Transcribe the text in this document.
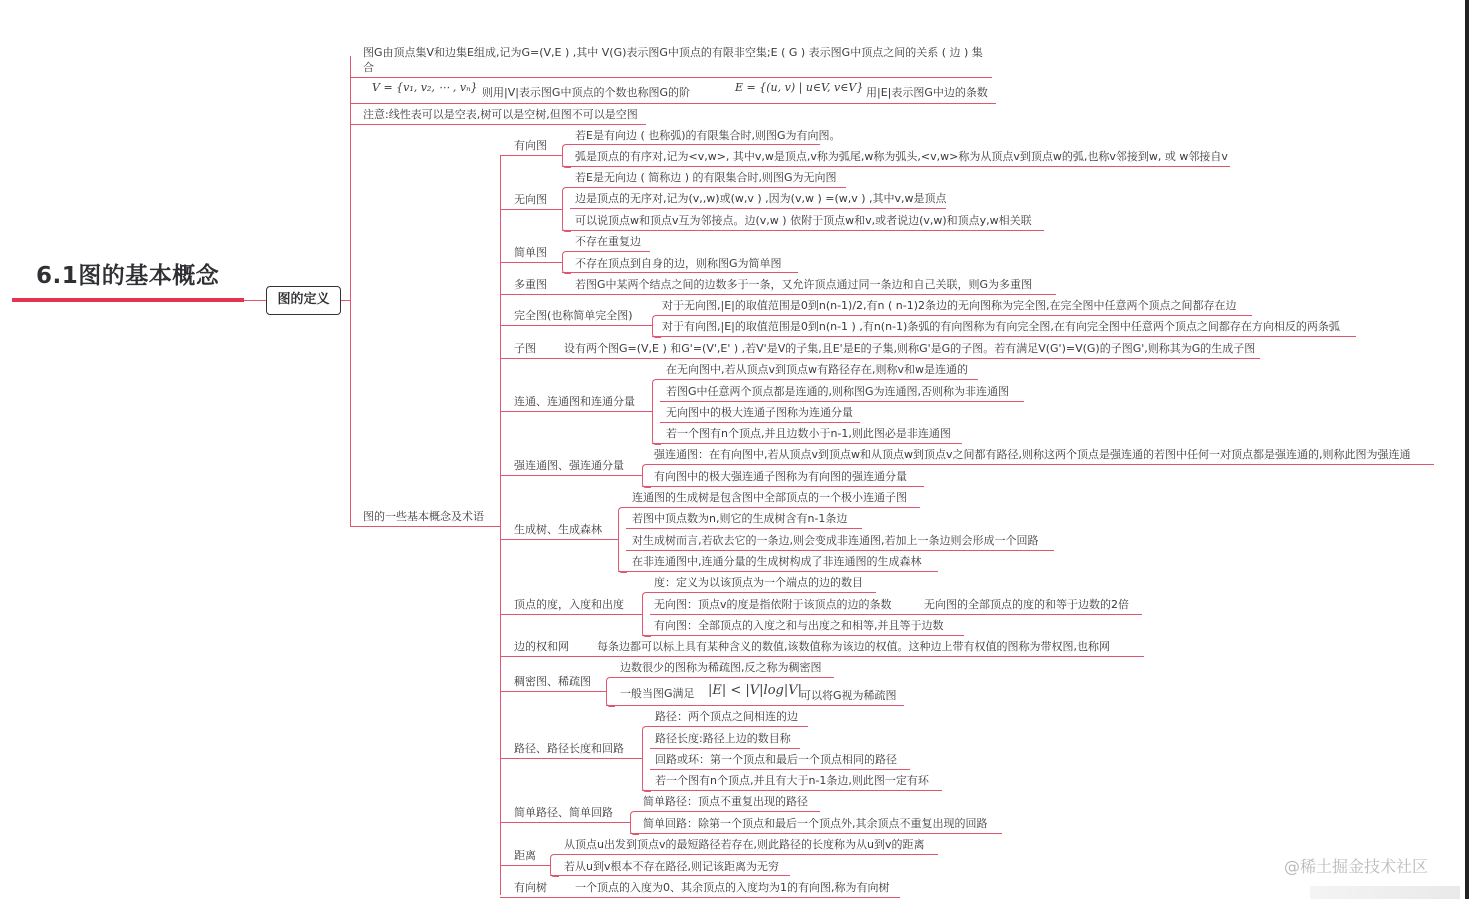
6.1图的基本概念
图的定义
图G由顶点集V和边集E组成,记为G=(V,E ) ,其中 V(G)表示图G中顶点的有限非空集;E ( G ) 表示图G中顶点之间的关系 ( 边 ) 集
合
V = {v₁, v₂, ⋯ , vₙ} 则用|V|表示图G中顶点的个数也称图G的阶	E = {(u, v) | u∈V, v∈V} 用|E|表示图G中边的条数
注意:线性表可以是空表,树可以是空树,但图不可以是空图
图的一些基本概念及术语
有向图
若E是有向边 ( 也称弧)的有限集合时,则图G为有向图。
弧是顶点的有序对,记为<v,w>, 其中v,w是顶点,v称为弧尾,w称为弧头,<v,w>称为从顶点v到顶点w的弧,也称v邻接到w, 或 w邻接自v
无向图
若E是无向边 ( 简称边 ) 的有限集合时,则图G为无向图
边是顶点的无序对,记为(v,,w)或(w,v ) ,因为(v,w ) =(w,v ) ,其中v,w是顶点
可以说顶点w和顶点v互为邻接点。边(v,w ) 依附于顶点w和v,或者说边(v,w)和顶点y,w相关联
简单图
不存在重复边
不存在顶点到自身的边，则称图G为简单图
多重图	若图G中某两个结点之间的边数多于一条，又允许顶点通过同一条边和自己关联，则G为多重图
完全图(也称简单完全图)
对于无向图,|E|的取值范围是0到n(n-1)/2,有n ( n-1)2条边的无向图称为完全图,在完全图中任意两个顶点之间都存在边
对于有向图,|E|的取值范围是0到n(n-1 ) ,有n(n-1)条弧的有向图称为有向完全图,在有向完全图中任意两个顶点之间都存在方向相反的两条弧
子图	设有两个图G=(V,E ) 和G'=(V',E' ) ,若V'是V的子集,且E'是E的子集,则称G'是G的子图。若有满足V(G')=V(G)的子图G',则称其为G的生成子图
连通、连通图和连通分量
在无向图中,若从顶点v到顶点w有路径存在,则称v和w是连通的
若图G中任意两个顶点都是连通的,则称图G为连通图,否则称为非连通图
无向图中的极大连通子图称为连通分量
若一个图有n个顶点,并且边数小于n-1,则此图必是非连通图
强连通图、强连通分量
强连通图：在有向图中,若从顶点v到顶点w和从顶点w到顶点v之间都有路径,则称这两个顶点是强连通的若图中任何一对顶点都是强连通的,则称此图为强连通
有向图中的极大强连通子图称为有向图的强连通分量
生成树、生成森林
连通图的生成树是包含图中全部顶点的一个极小连通子图
若图中顶点数为n,则它的生成树含有n-1条边
对生成树而言,若砍去它的一条边,则会变成非连通图,若加上一条边则会形成一个回路
在非连通图中,连通分量的生成树构成了非连通图的生成森林
顶点的度，入度和出度
度：定义为以该顶点为一个端点的边的数目
无向图：顶点v的度是指依附于该顶点的边的条数	无向图的全部顶点的度的和等于边数的2倍
有向图：全部顶点的入度之和与出度之和相等,并且等于边数
边的权和网	每条边都可以标上具有某种含义的数值,该数值称为该边的权值。这种边上带有权值的图称为带权图,也称网
稠密图、稀疏图
边数很少的图称为稀疏图,反之称为稠密图
一般当图G满足 |E| < |V|log|V|
可以将G视为稀疏图
路径、路径长度和回路
路径：两个顶点之间相连的边
路径长度:路径上边的数目称
回路或环：第一个顶点和最后一个顶点相同的路径
若一个图有n个顶点,并且有大于n-1条边,则此图一定有环
简单路径、简单回路
简单路径：顶点不重复出现的路径
简单回路：除第一个顶点和最后一个顶点外,其余顶点不重复出现的回路
距离
从顶点u出发到顶点v的最短路径若存在,则此路径的长度称为从u到v的距离
若从u到v根本不存在路径,则记该距离为无穷
有向树	一个顶点的入度为0、其余顶点的入度均为1的有向图,称为有向树
@稀土掘金技术社区
